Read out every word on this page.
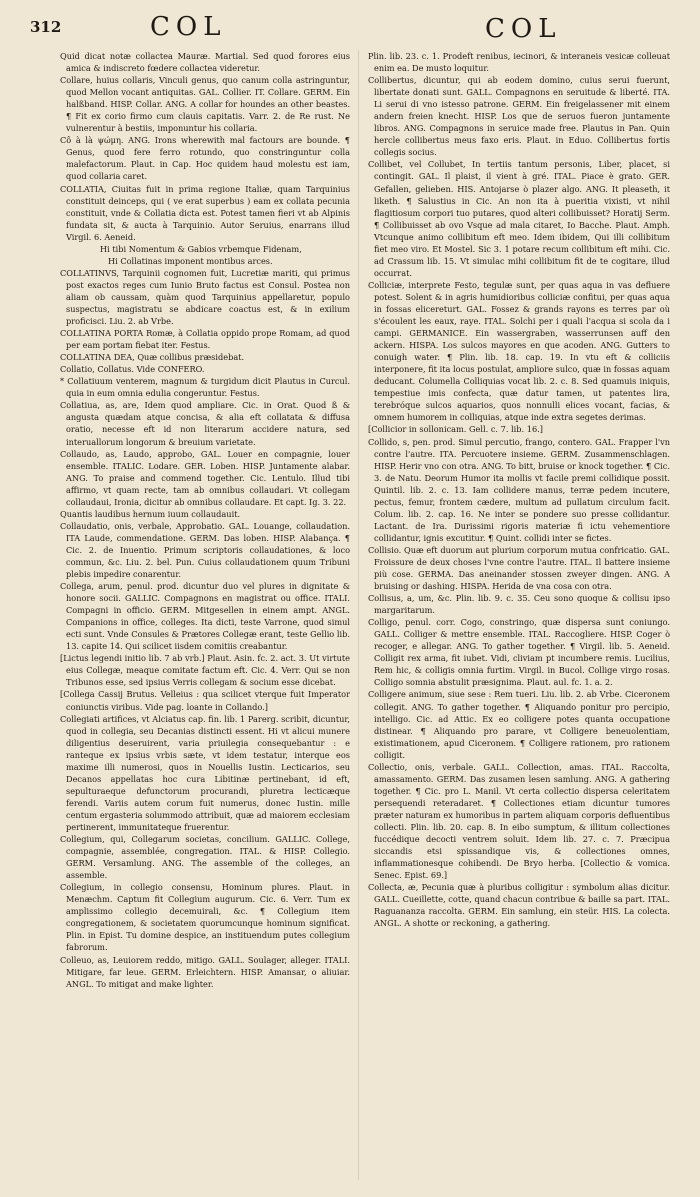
312	COL	COL

Quid dicat notæ collactea Mauræ. Martial. Sed quod forores eius amica & indiscreto fœdere collactea videretur.

Collare, huius collaris, Vinculi genus, quo canum colla astringuntur, quod Mellon vocant antiquitas. GAL. Collier. IT. Collare. GERM. Ein halßband. HISP. Collar. ANG. A collar for houndes an other beastes. ¶ Fit ex corio firmo cum clauis capitatis. Varr. 2. de Re rust. Ne vulnerentur à bestiis, imponuntur his collaria.

Cô à là ψώμη. ANG. Irons wherewith mal factours are bounde. ¶ Genus, quod fere ferro rotundo, quo constringuntur colla malefactorum. Plaut. in Cap. Hoc quidem haud molestu est iam, quod collaria caret.

COLLATIA, Ciuitas fuit in prima regione Italiæ, quam Tarquinius constituit deinceps, qui ( ve erat superbus ) eam ex collata pecunia constituit, vnde & Collatia dicta est. Potest tamen fieri vt ab Alpinis fundata sit, & aucta à Tarquinio. Autor Seruius, enarrans illud Virgil. 6. Aeneid.

Hi tibi Nomentum & Gabios vrbemque Fidenam,

Hi Collatinas imponent montibus arces.

COLLATINVS, Tarquinii cognomen fuit, Lucretiæ mariti, qui primus post exactos reges cum Iunio Bruto factus est Consul. Postea non aliam ob caussam, quàm quod Tarquinius appellaretur, populo suspectus, magistratu se abdicare coactus est, & in exilium proficisci. Liu. 2. ab Vrbe.

COLLATINA PORTA Romæ, à Collatia oppido prope Romam, ad quod per eam portam fiebat iter. Festus.

COLLATINA DEA, Quæ collibus præsidebat.

Collatio, Collatus. Vide CONFERO.

* Collatiuum venterem, magnum & turgidum dicit Plautus in Curcul. quia in eum omnia edulia congeruntur. Festus.

Collatiua, as, are, Idem quod ampliare. Cic. in Orat. Quod ß & angusta quædam atque concisa, & alia eft collatata & diffusa oratio, necesse eft id non literarum accidere natura, sed interuallorum longorum & breuium varietate.

Collaudo, as, Laudo, approbo, GAL. Louer en compagnie, louer ensemble. ITALIC. Lodare. GER. Loben. HISP. Juntamente alabar. ANG. To praise and commend together. Cic. Lentulo. Illud tibi affirmo, vt quam recte, tam ab omnibus collaudari. Vt collegam collaudaui, Ironia, dicitur ab omnibus collaudare. Et capt. Ig. 3. 22.

Quantis laudibus hernum iuum collaudauit.

Collaudatio, onis, verbale, Approbatio. GAL. Louange, collaudation. ITA Laude, commendatione. GERM. Das loben. HISP. Alabança. ¶ Cic. 2. de Inuentio. Primum scriptoris collaudationes, & loco commun, &c. Liu. 2. bel. Pun. Cuius collaudationem quum Tribuni plebis impedire conarentur.

Collega, arum, penul. prod. dicuntur duo vel plures in dignitate & honore socii. GALLIC. Compagnons en magistrat ou office. ITALI. Compagni in officio. GERM. Mitgesellen in einem ampt. ANGL. Companions in office, colleges. Ita dicti, teste Varrone, quod simul ecti sunt. Vnde Consules & Prætores Collegæ erant, teste Gellio lib. 13. capite 14. Qui scilicet iisdem comitiis creabantur.

[Lictus legendi initio lib. 7 ab vrb.] Plaut. Asin. fc. 2. act. 3. Ut virtute eius Collegæ, meaque comitate factum eft. Cic. 4. Verr. Qui se non Tribunos esse, sed ipsius Verris collegam & socium esse dicebat.

[Collega Cassij Brutus. Velleius : qua scilicet vterque fuit Imperator coniunctis viribus. Vide pag. loante in Collando.]

Collegiati artifices, vt Alciatus cap. fin. lib. 1 Parerg. scribit, dicuntur, quod in collegia, seu Decanias distincti essent. Hi vt alicui munere diligentius deseruirent, varia priuilegia consequebantur : e ranteque ex ipsius vrbis sæte, vt idem testatur, interque eos maxime illi numerosi, quos in Nouellis Iustin. Lecticarios, seu Decanos appellatas hoc cura Libitinæ pertinebant, id eft, sepulturaeque defunctorum procurandi, pluretra lecticæque ferendi. Variis autem corum fuit numerus, donec Iustin. mille centum ergasteria solummodo attribuit, quæ ad maiorem ecclesiam pertinerent, immunitateque fruerentur.

Collegium, qui, Collegarum societas, concilium. GALLIC. College, compagnie, assemblée, congregation. ITAL. & HISP. Collegio. GERM. Versamlung. ANG. The assemble of the colleges, an assemble.

Collegium, in collegio consensu, Hominum plures. Plaut. in Menæchm. Captum fit Collegium augurum. Cic. 6. Verr. Tum ex amplissimo collegio decemuirali, &c. ¶ Collegium item congregationem, & societatem quorumcunque hominum significat. Plin. in Epist. Tu domine despice, an instituendum putes collegium fabrorum.

Colleuo, as, Leuiorem reddo, mitigo. GALL. Soulager, alleger. ITALI. Mitigare, far leue. GERM. Erleichtern. HISP. Amansar, o aliuiar. ANGL. To mitigat and make lighter.

Plin. lib. 23. c. 1. Prodeft renibus, iecinori, & interaneis vesicæ colleuat enim ea. De musto loquitur.

Collibertus, dicuntur, qui ab eodem domino, cuius serui fuerunt, libertate donati sunt. GALL. Compagnons en seruitude & liberté. ITA. Li serui di vno istesso patrone. GERM. Ein freigelassener mit einem andern freien knecht. HISP. Los que de seruos fueron juntamente libros. ANG. Compagnons in seruice made free. Plautus in Pan. Quin hercle collibertus meus faxo eris. Plaut. in Eduo. Collibertus fortis collegis socius.

Collibet, vel Collubet, In tertiis tantum personis, Liber, placet, si contingit. GAL. Il plaist, il vient à gré. ITAL. Piace è grato. GER. Gefallen, gelieben. HIS. Antojarse ò plazer algo. ANG. It pleaseth, it liketh. ¶ Salustius in Cic. An non ita à pueritia vixisti, vt nihil flagitiosum corpori tuo putares, quod alteri collibuisset? Horatij Serm. ¶ Collibuisset ab ovo Vsque ad mala citaret, Io Bacche. Plaut. Amph. Vtcunque animo collibitum eft meo. Idem ibidem, Qui illi collibitum fiet meo viro. Et Mostel. Sic 3. 1 potare recum collibitum eft mihi. Cic. ad Crassum lib. 15. Vt simulac mihi collibitum fit de te cogitare, illud occurrat.

Colliciæ, interprete Festo, tegulæ sunt, per quas aqua in vas defluere potest. Solent & in agris humidioribus colliciæ confitui, per quas aqua in fossas elicereturt. GAL. Fossez & grands rayons es terres par où s'écoulent les eaux, raye. ITAL. Solchi per i quali l'acqua si scola da i campi. GERMANICE. Ein wassergraben, wasserrunsen auff den ackern. HISPA. Los sulcos mayores en que acoden. ANG. Gutters to conuigh water. ¶ Plin. lib. 18. cap. 19. In vtu eft & colliciis interponere, fit ita locus postulat, ampliore sulco, quæ in fossas aquam deducant. Columella Colliquias vocat lib. 2. c. 8. Sed quamuis iniquis, tempestiue imis confecta, quæ datur tamen, ut patentes lira, terebróque sulcos aquarios, quos nonnulli elices vocant, facias, & omnem humorem in colliquias, atque inde extra segetes derimas.

[Collicior in sollonicam. Gell. c. 7. lib. 16.]

Collido, s, pen. prod. Simul percutio, frango, contero. GAL. Frapper l'vn contre l'autre. ITA. Percuotere insieme. GERM. Zusammenschlagen. HISP. Herir vno con otra. ANG. To bitt, bruise or knock together. ¶ Cic. 3. de Natu. Deorum Humor ita mollis vt facile premi collidique possit. Quintil. lib. 2. c. 13. Iam collidere manus, terræ pedem incutere, pectus, femur, frontem cædere, multum ad pullatum circulum facit. Colum. lib. 2. cap. 16. Ne inter se pondere suo presse collidantur. Lactant. de Ira. Durissimi rigoris materiæ fi ictu vehementiore collidantur, ignis excutitur. ¶ Quint. collidi inter se fictes.

Collisio. Quæ eft duorum aut plurium corporum mutua confricatio. GAL. Froissure de deux choses l'vne contre l'autre. ITAL. Il battere insieme più cose. GERMA. Das aneinander stossen zweyer dingen. ANG. A bruising or dashing. HISPA. Herida de vna cosa con otra.

Collisus, a, um, &c. Plin. lib. 9. c. 35. Ceu sono quoque & collisu ipso margaritarum.

Colligo, penul. corr. Cogo, constringo, quæ dispersa sunt coniungo. GALL. Colliger & mettre ensemble. ITAL. Raccogliere. HISP. Coger ò recoger, e allegar. ANG. To gather together. ¶ Virgil. lib. 5. Aeneid. Colligit rex arma, fit iubet. Vidi, cliviam pt incumbere remis. Lucilius, Rem hic, & colligis omnia furtim. Virgil. in Bucol. Collige virgo rosas. Colligo somnia abstulit præsignima. Plaut. aul. fc. 1. a. 2.

Colligere animum, siue sese : Rem tueri. Liu. lib. 2. ab Vrbe. Ciceronem collegit. ANG. To gather together. ¶ Aliquando ponitur pro percipio, intelligo. Cic. ad Attic. Ex eo colligere potes quanta occupatione distinear. ¶ Aliquando pro parare, vt Colligere beneuolentiam, existimationem, apud Ciceronem. ¶ Colligere rationem, pro rationem colligit.

Collectio, onis, verbale. GALL. Collection, amas. ITAL. Raccolta, amassamento. GERM. Das zusamen lesen samlung. ANG. A gathering together. ¶ Cic. pro L. Manil. Vt certa collectio dispersa celeritatem persequendi reteradaret. ¶ Collectiones etiam dicuntur tumores præter naturam ex humoribus in partem aliquam corporis defluentibus collecti. Plin. lib. 20. cap. 8. In eibo sumptum, & illitum collectiones fuccédique decocti ventrem soluit. Idem lib. 27. c. 7. Præcipua siccandis etsi spissandique vis, & collectiones omnes, inflammationesque cohibendi. De Bryo herba. [Collectio & vomica. Senec. Epist. 69.]

Collecta, æ, Pecunia quæ à pluribus colligitur : symbolum alias dicitur. GALL. Cueillette, cotte, quand chacun contribue & baille sa part. ITAL. Raguananza raccolta. GERM. Ein samlung, ein steür. HIS. La colecta. ANGL. A shotte or reckoning, a gathering.
